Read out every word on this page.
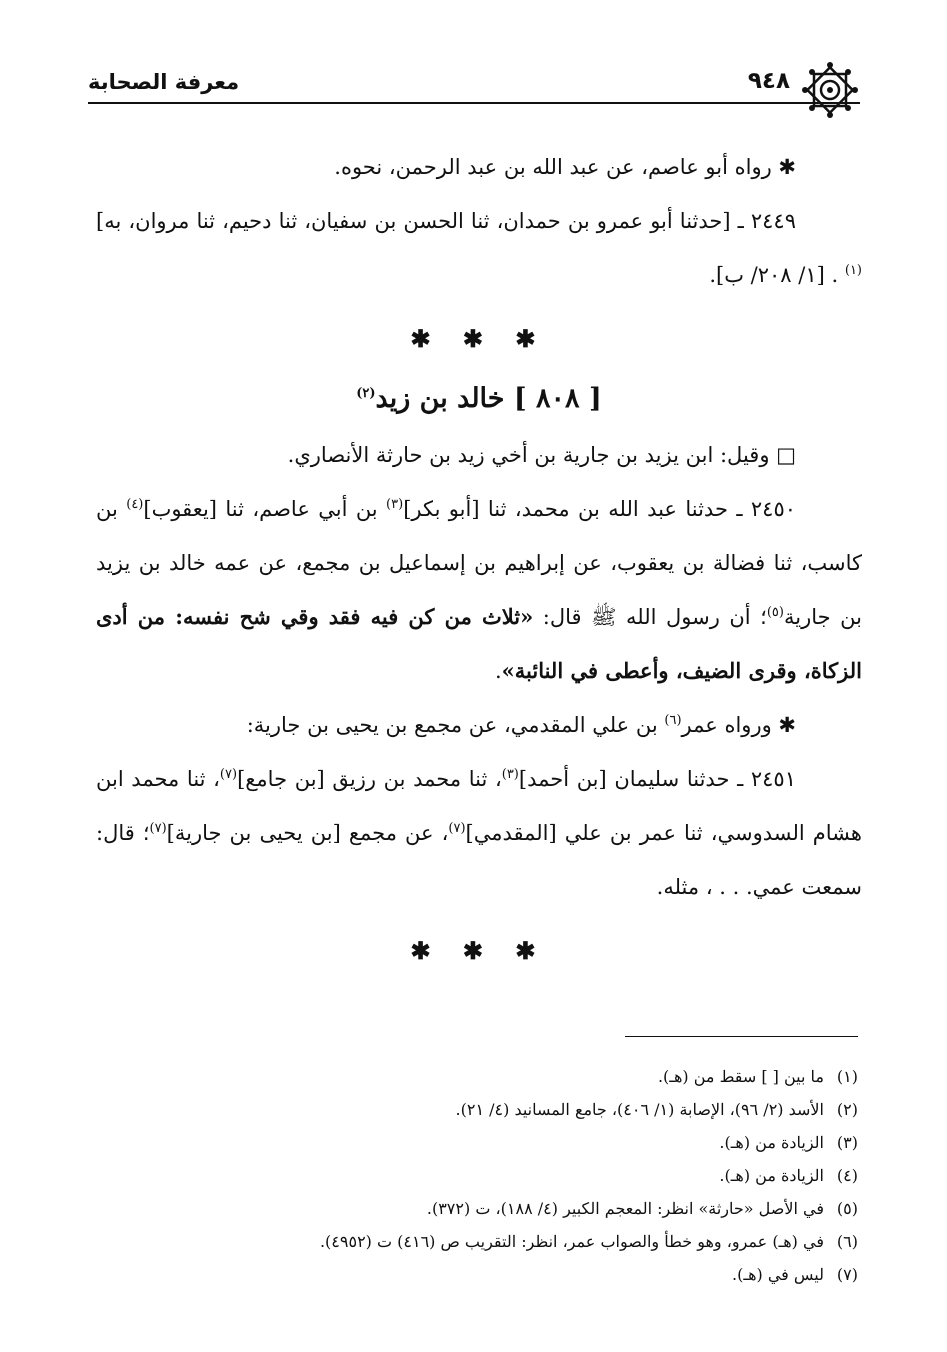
معرفة الصحابة	٩٤٨

✱ رواه أبو عاصم، عن عبد الله بن عبد الرحمن، نحوه.

٢٤٤٩ ـ [حدثنا أبو عمرو بن حمدان، ثنا الحسن بن سفيان، ثنا دحيم، ثنا مروان، به]$^{(١)}$ . [١/ ٢٠٨/ ب].

✱ ✱ ✱
[ ٨٠٨ ] خالد بن زيد$^{(٢)}$

□ وقيل: ابن يزيد بن جارية بن أخي زيد بن حارثة الأنصاري.

٢٤٥٠ ـ حدثنا عبد الله بن محمد، ثنا [أبو بكر]$^{(٣)}$ بن أبي عاصم، ثنا [يعقوب]$^{(٤)}$ بن كاسب، ثنا فضالة بن يعقوب، عن إبراهيم بن إسماعيل بن مجمع، عن عمه خالد بن يزيد بن جارية$^{(٥)}$؛ أن رسول الله ﷺ قال: «ثلاث من كن فيه فقد وقي شح نفسه: من أدى الزكاة، وقرى الضيف، وأعطى في النائبة».

✱ ورواه عمر$^{(٦)}$ بن علي المقدمي، عن مجمع بن يحيى بن جارية:

٢٤٥١ ـ حدثنا سليمان [بن أحمد]$^{(٣)}$، ثنا محمد بن رزيق [بن جامع]$^{(٧)}$، ثنا محمد ابن هشام السدوسي، ثنا عمر بن علي [المقدمي]$^{(٧)}$، عن مجمع [بن يحيى بن جارية]$^{(٧)}$؛ قال: سمعت عمي. . . ، مثله.

✱ ✱ ✱

(١)ما بين [ ] سقط من (هـ).

(٢)الأسد (٢/ ٩٦)، الإصابة (١/ ٤٠٦)، جامع المسانيد (٤/ ٢١).

(٣)الزيادة من (هـ).

(٤)الزيادة من (هـ).

(٥)في الأصل «حارثة» انظر: المعجم الكبير (٤/ ١٨٨)، ت (٣٧٢).

(٦)في (هـ) عمرو، وهو خطأ والصواب عمر، انظر: التقريب ص (٤١٦) ت (٤٩٥٢).

(٧)ليس في (هـ).
